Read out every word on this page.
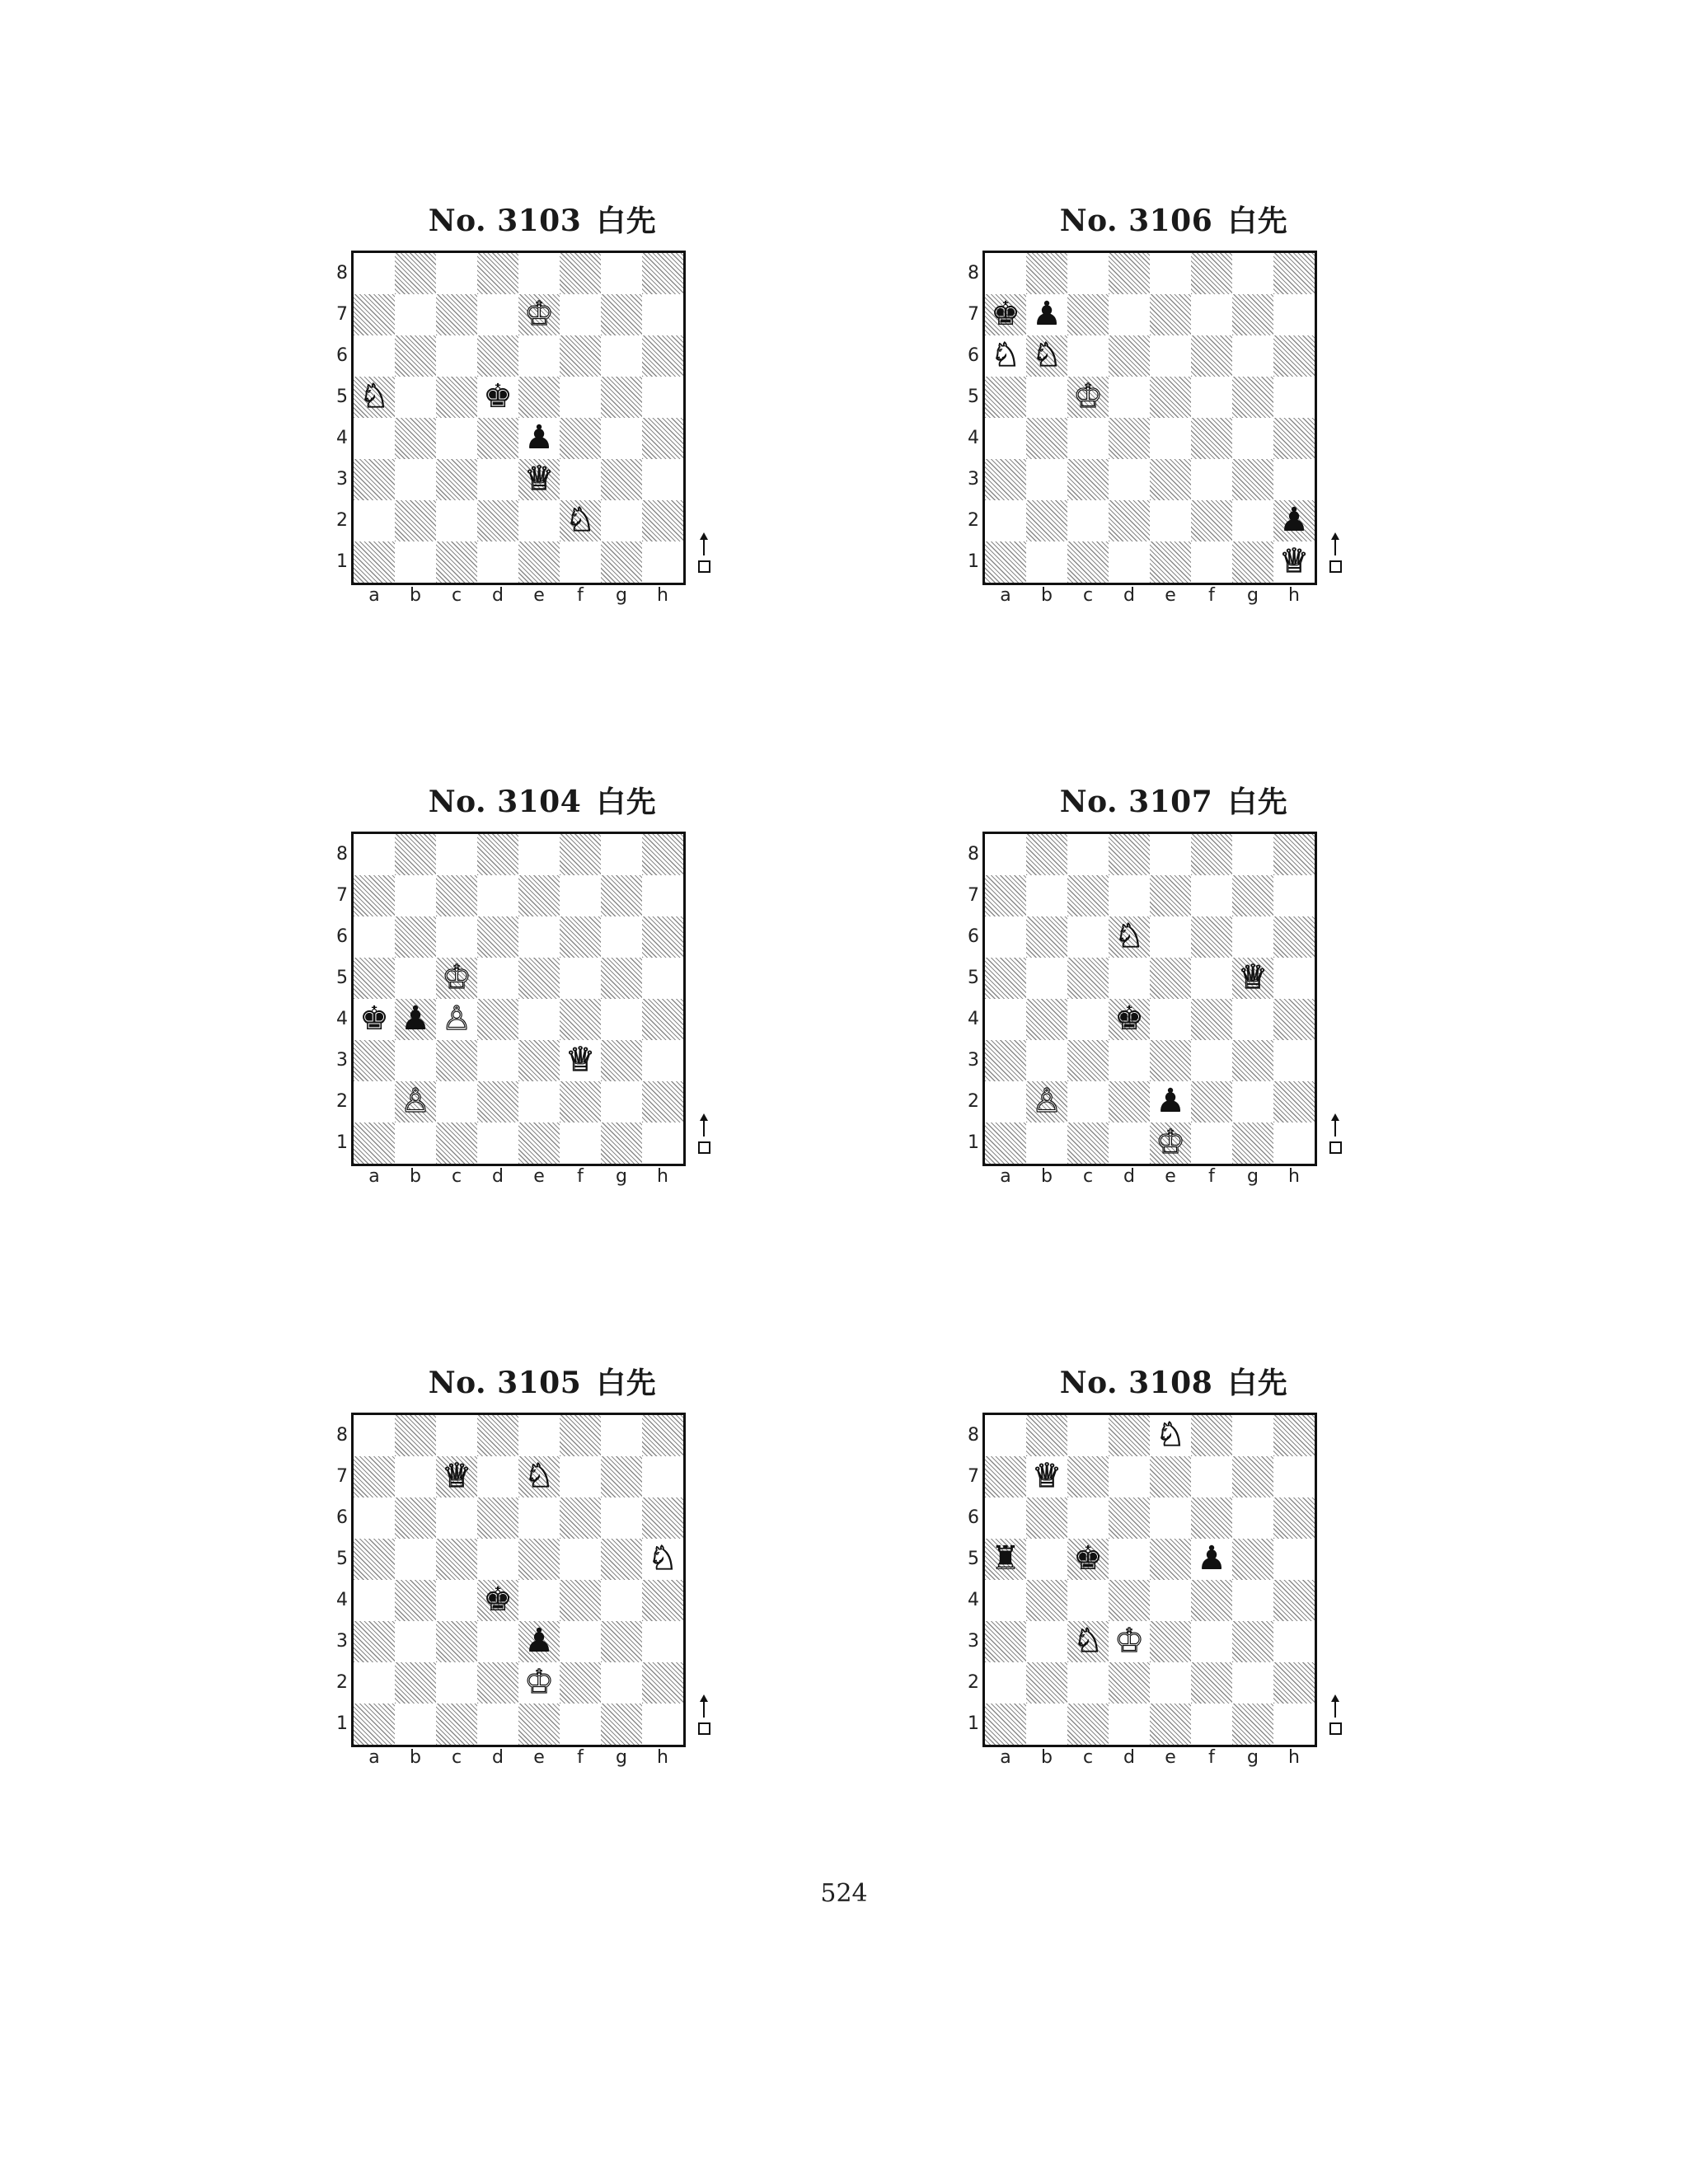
No. 3103 白先
8
7
6
5
4
3
2
1
♔
♘	♚
♟
♕
♘
a	b	c	d	e	f	g	h
No. 3106 白先
8
7
6
5
4
3
2
1
♚ ♟
♘ ♘
♔
♟
♕
a	b	c	d	e	f	g	h
No. 3104 白先
8
7
6
5
4
3
2
1
♔
♚ ♟ ♙
♕
♙
a	b	c	d	e	f	g	h
No. 3107 白先
8
7
6
5
4
3
2
1
♘
♕
♚
♙	♟
♔
a	b	c	d	e	f	g	h
No. 3105 白先
8
7
6
5
4
3
2
1
♕ ♘
♘
♚
♟
♔
a	b	c	d	e	f	g	h
No. 3108 白先
8
7
6
5
4
3
2
1
♘
♕
♜ ♚	♟
♘ ♔
a	b	c	d	e	f	g	h
524
